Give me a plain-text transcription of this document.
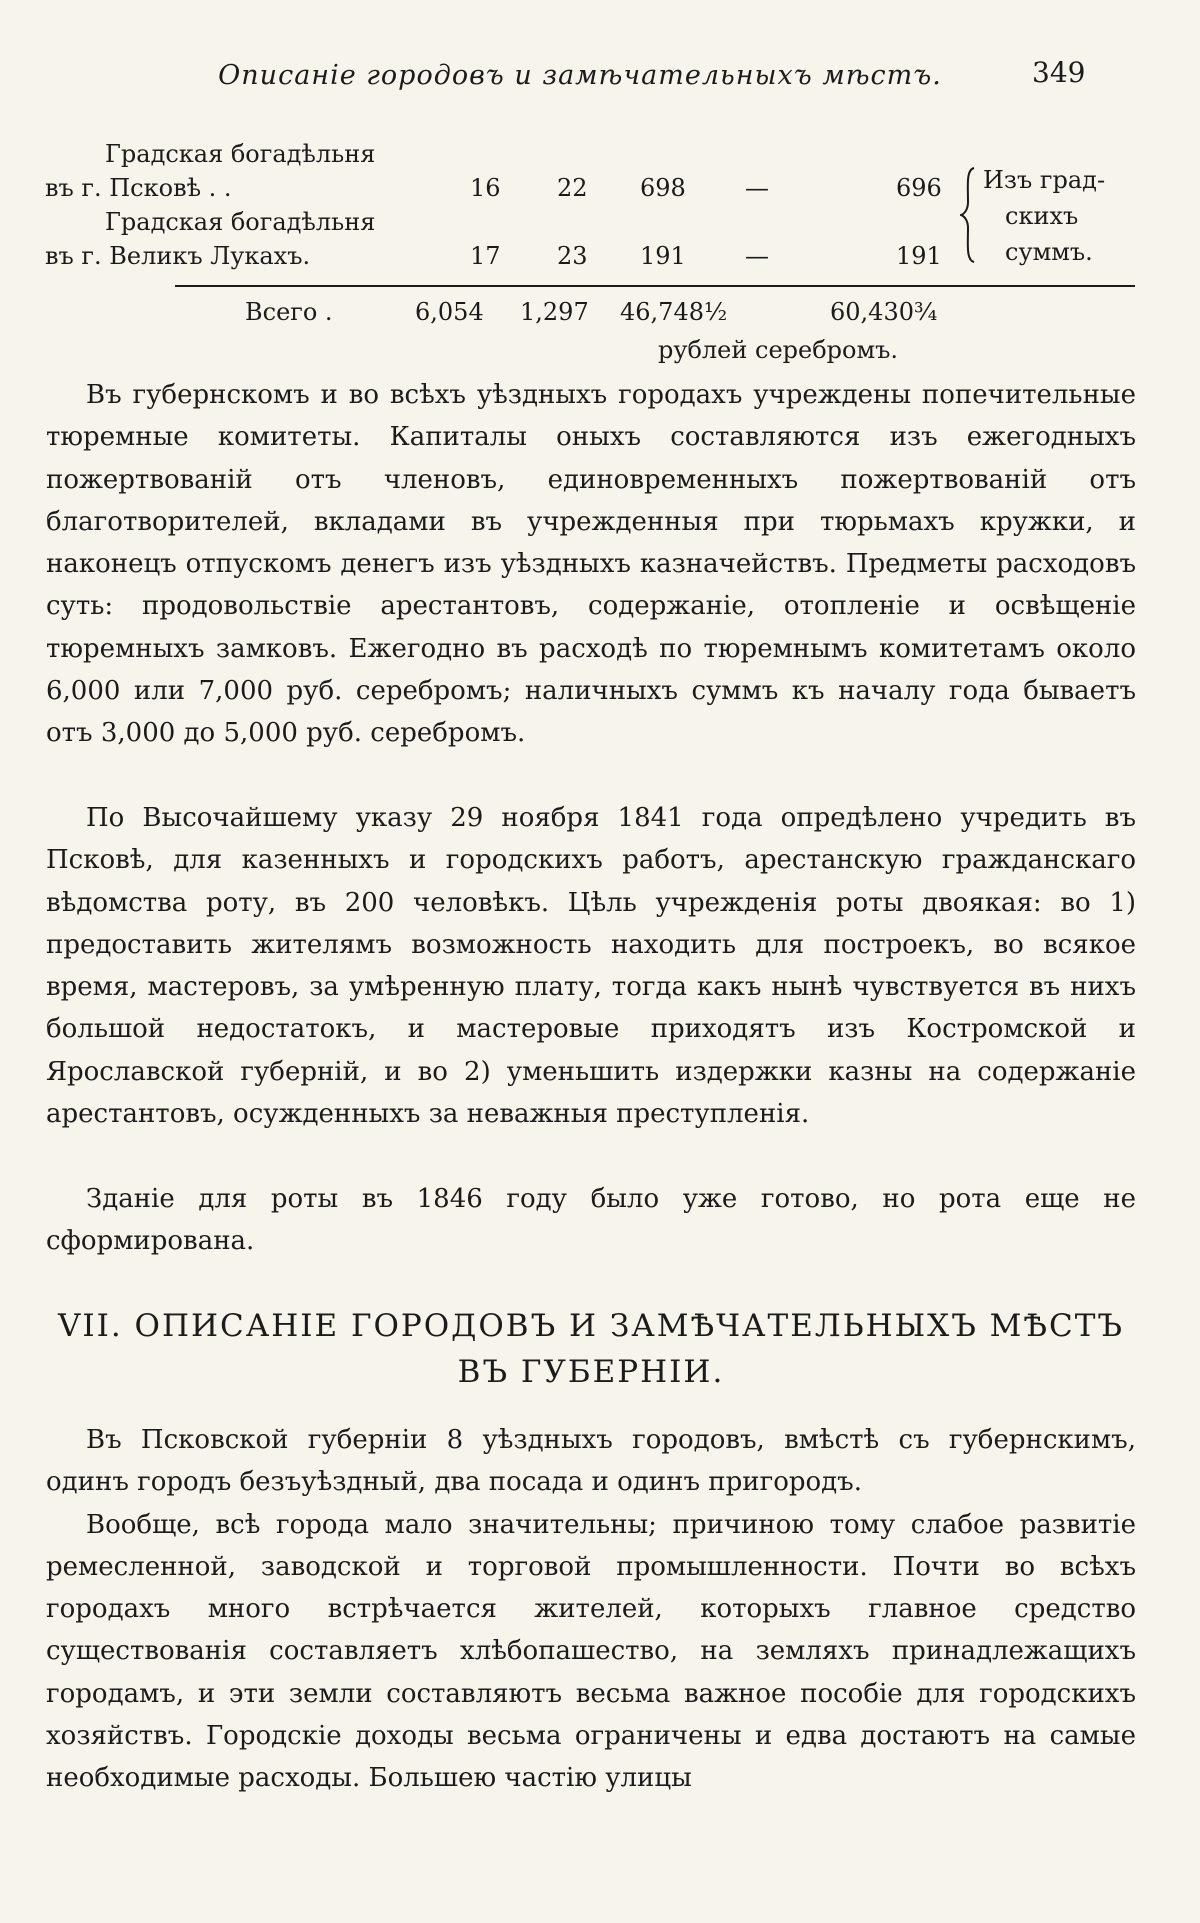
Описаніе городовъ и замѣчательныхъ мѣстъ.	349
Градская богадѣльня
въ г. Псковѣ . .	16 22 698 —	696
Градская богадѣльня
въ г. Великъ Лукахъ.	17 23 191 —	191
Изъ град-
скихъ
суммъ.
Всего .	6,054 1,297 46,748½	60,430¾
рублей серебромъ.

Въ губернскомъ и во всѣхъ уѣздныхъ городахъ учреждены попечительные тюремные комитеты. Капиталы оныхъ составляются изъ ежегодныхъ пожертвованій отъ членовъ, единовременныхъ пожертвованій отъ благотворителей, вкладами въ учрежденныя при тюрьмахъ кружки, и наконецъ отпускомъ денегъ изъ уѣздныхъ казначействъ. Предметы расходовъ суть: продовольствіе арестантовъ, содержаніе, отопленіе и освѣщеніе тюремныхъ замковъ. Ежегодно въ расходѣ по тюремнымъ комитетамъ около 6,000 или 7,000 руб. серебромъ; наличныхъ суммъ къ началу года бываетъ отъ 3,000 до 5,000 руб. серебромъ.

По Высочайшему указу 29 ноября 1841 года опредѣлено учредить въ Псковѣ, для казенныхъ и городскихъ работъ, арестанскую гражданскаго вѣдомства роту, въ 200 человѣкъ. Цѣль учрежденія роты двоякая: во 1) предоставить жителямъ возможность находить для построекъ, во всякое время, мастеровъ, за умѣренную плату, тогда какъ нынѣ чувствуется въ нихъ большой недостатокъ, и мастеровые приходятъ изъ Костромской и Ярославской губерній, и во 2) уменьшить издержки казны на содержаніе арестантовъ, осужденныхъ за неважныя преступленія.

Зданіе для роты въ 1846 году было уже готово, но рота еще не сформирована.

VII. ОПИСАНІЕ ГОРОДОВЪ И ЗАМѢЧАТЕЛЬНЫХЪ МѢСТЪ ВЪ ГУБЕРНІИ.

Въ Псковской губерніи 8 уѣздныхъ городовъ, вмѣстѣ съ губернскимъ, одинъ городъ безъуѣздный, два посада и одинъ пригородъ.

Вообще, всѣ города мало значительны; причиною тому слабое развитіе ремесленной, заводской и торговой промышленности. Почти во всѣхъ городахъ много встрѣчается жителей, которыхъ главное средство существованія составляетъ хлѣбопашество, на земляхъ принадлежащихъ городамъ, и эти земли составляютъ весьма важное пособіе для городскихъ хозяйствъ. Городскіе доходы весьма ограничены и едва достаютъ на самые необходимые расходы. Большею частію улицы
